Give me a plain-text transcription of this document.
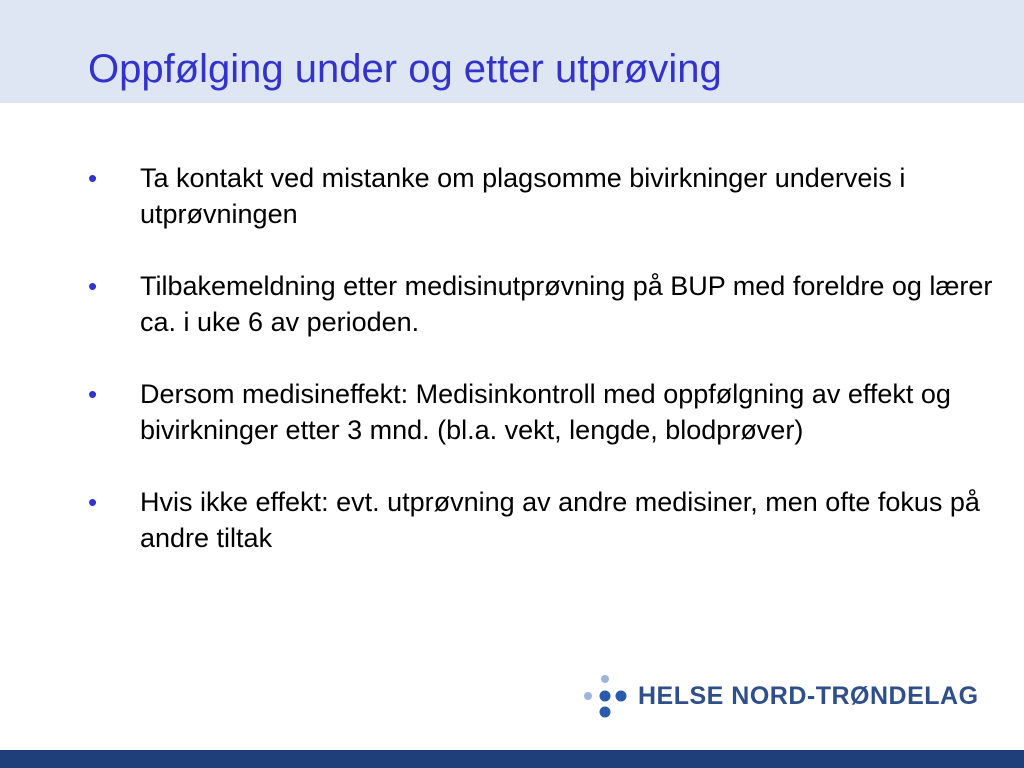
Oppfølging under og etter utprøving
•	Ta kontakt ved mistanke om plagsomme bivirkninger underveis i utprøvningen
•	Tilbakemeldning etter medisinutprøvning på BUP med foreldre og lærer ca. i uke 6 av perioden.
•	Dersom medisineffekt: Medisinkontroll med oppfølgning av effekt og bivirkninger etter 3 mnd. (bl.a. vekt, lengde, blodprøver)
•	Hvis ikke effekt: evt. utprøvning av andre medisiner, men ofte fokus på andre tiltak
HELSE NORD-TRØNDELAG
